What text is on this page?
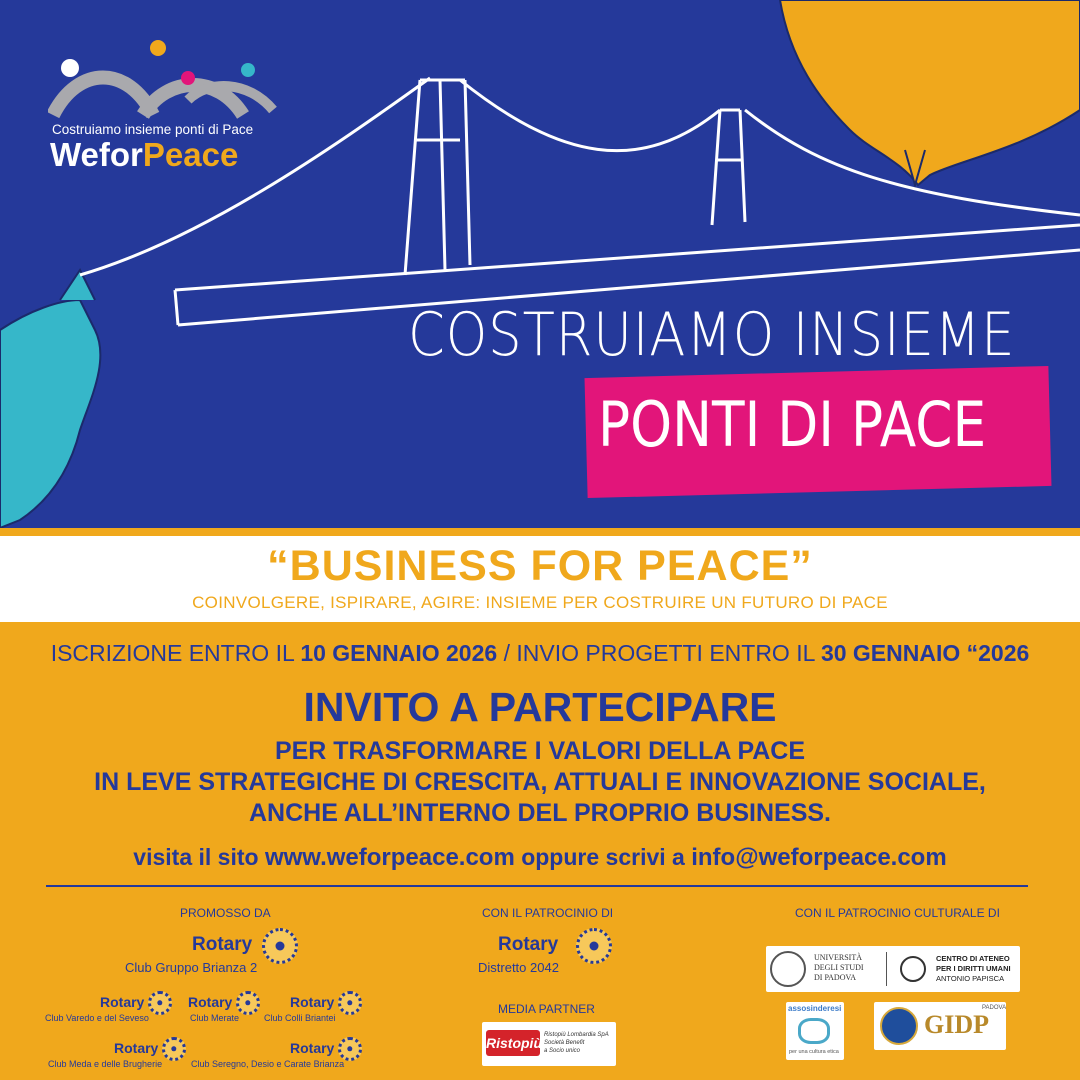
Costruiamo insieme ponti di Pace
WeforPeace
COSTRUIAMO INSIEME
PONTI DI PACE
“BUSINESS FOR PEACE”
COINVOLGERE, ISPIRARE, AGIRE: INSIEME PER COSTRUIRE UN FUTURO DI PACE
ISCRIZIONE ENTRO IL 10 GENNAIO 2026 / INVIO PROGETTI ENTRO IL 30 GENNAIO “2026
INVITO A PARTECIPARE
PER TRASFORMARE I VALORI DELLA PACE
IN LEVE STRATEGICHE DI CRESCITA, ATTUALI E INNOVAZIONE SOCIALE,
ANCHE ALL’INTERNO DEL PROPRIO BUSINESS.
visita il sito www.weforpeace.com oppure scrivi a info@weforpeace.com
PROMOSSO DA
Rotary
Club Gruppo Brianza 2
Rotary
Club Varedo e del Seveso
Rotary
Club Merate
Rotary
Club Colli Briantei
Rotary
Club Meda e delle Brugherie
Rotary
Club Seregno, Desio e Carate Brianza
CON IL PATROCINIO DI
Rotary
Distretto 2042
MEDIA PARTNER
Ristopiù Ristopiù Lombardia SpA
Società Benefit
a Socio unico
CON IL PATROCINIO CULTURALE DI
UNIVERSITÀ
DEGLI STUDI
DI PADOVA
CENTRO DI ATENEO
PER I DIRITTI UMANI
ANTONIO PAPISCA
assosinderesi
per una cultura etica
GIDP
PADOVA
